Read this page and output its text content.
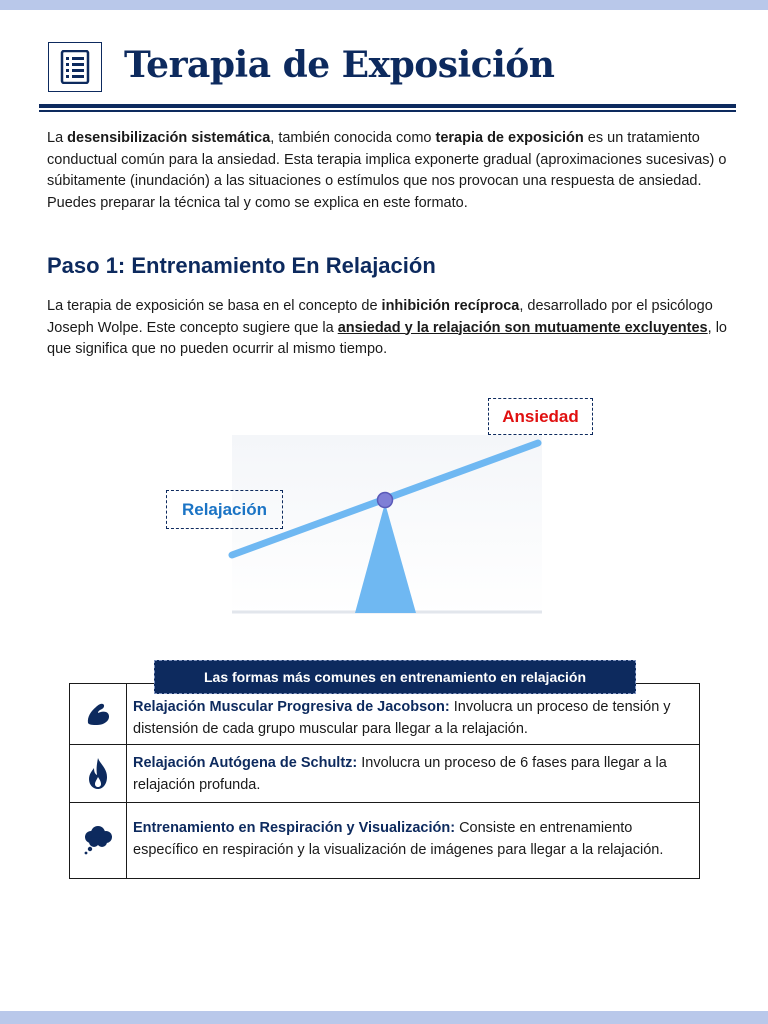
Terapia de Exposición

La desensibilización sistemática, también conocida como terapia de exposición es un tratamiento conductual común para la ansiedad. Esta terapia implica exponerte gradual (aproximaciones sucesivas) o súbitamente (inundación) a las situaciones o estímulos que nos provocan una respuesta de ansiedad. Puedes preparar la técnica tal y como se explica en este formato.

Paso 1: Entrenamiento En Relajación

La terapia de exposición se basa en el concepto de inhibición recíproca, desarrollado por el psicólogo Joseph Wolpe. Este concepto sugiere que la ansiedad y la relajación son mutuamente excluyentes, lo que significa que no pueden ocurrir al mismo tiempo.

Ansiedad
Relajación
Las formas más comunes en entrenamiento en relajación
Relajación Muscular Progresiva de Jacobson: Involucra un proceso de tensión y distensión de cada grupo muscular para llegar a la relajación.
Relajación Autógena de Schultz: Involucra un proceso de 6 fases para llegar a la relajación profunda.
Entrenamiento en Respiración y Visualización: Consiste en entrenamiento específico en respiración y la visualización de imágenes para llegar a la relajación.
